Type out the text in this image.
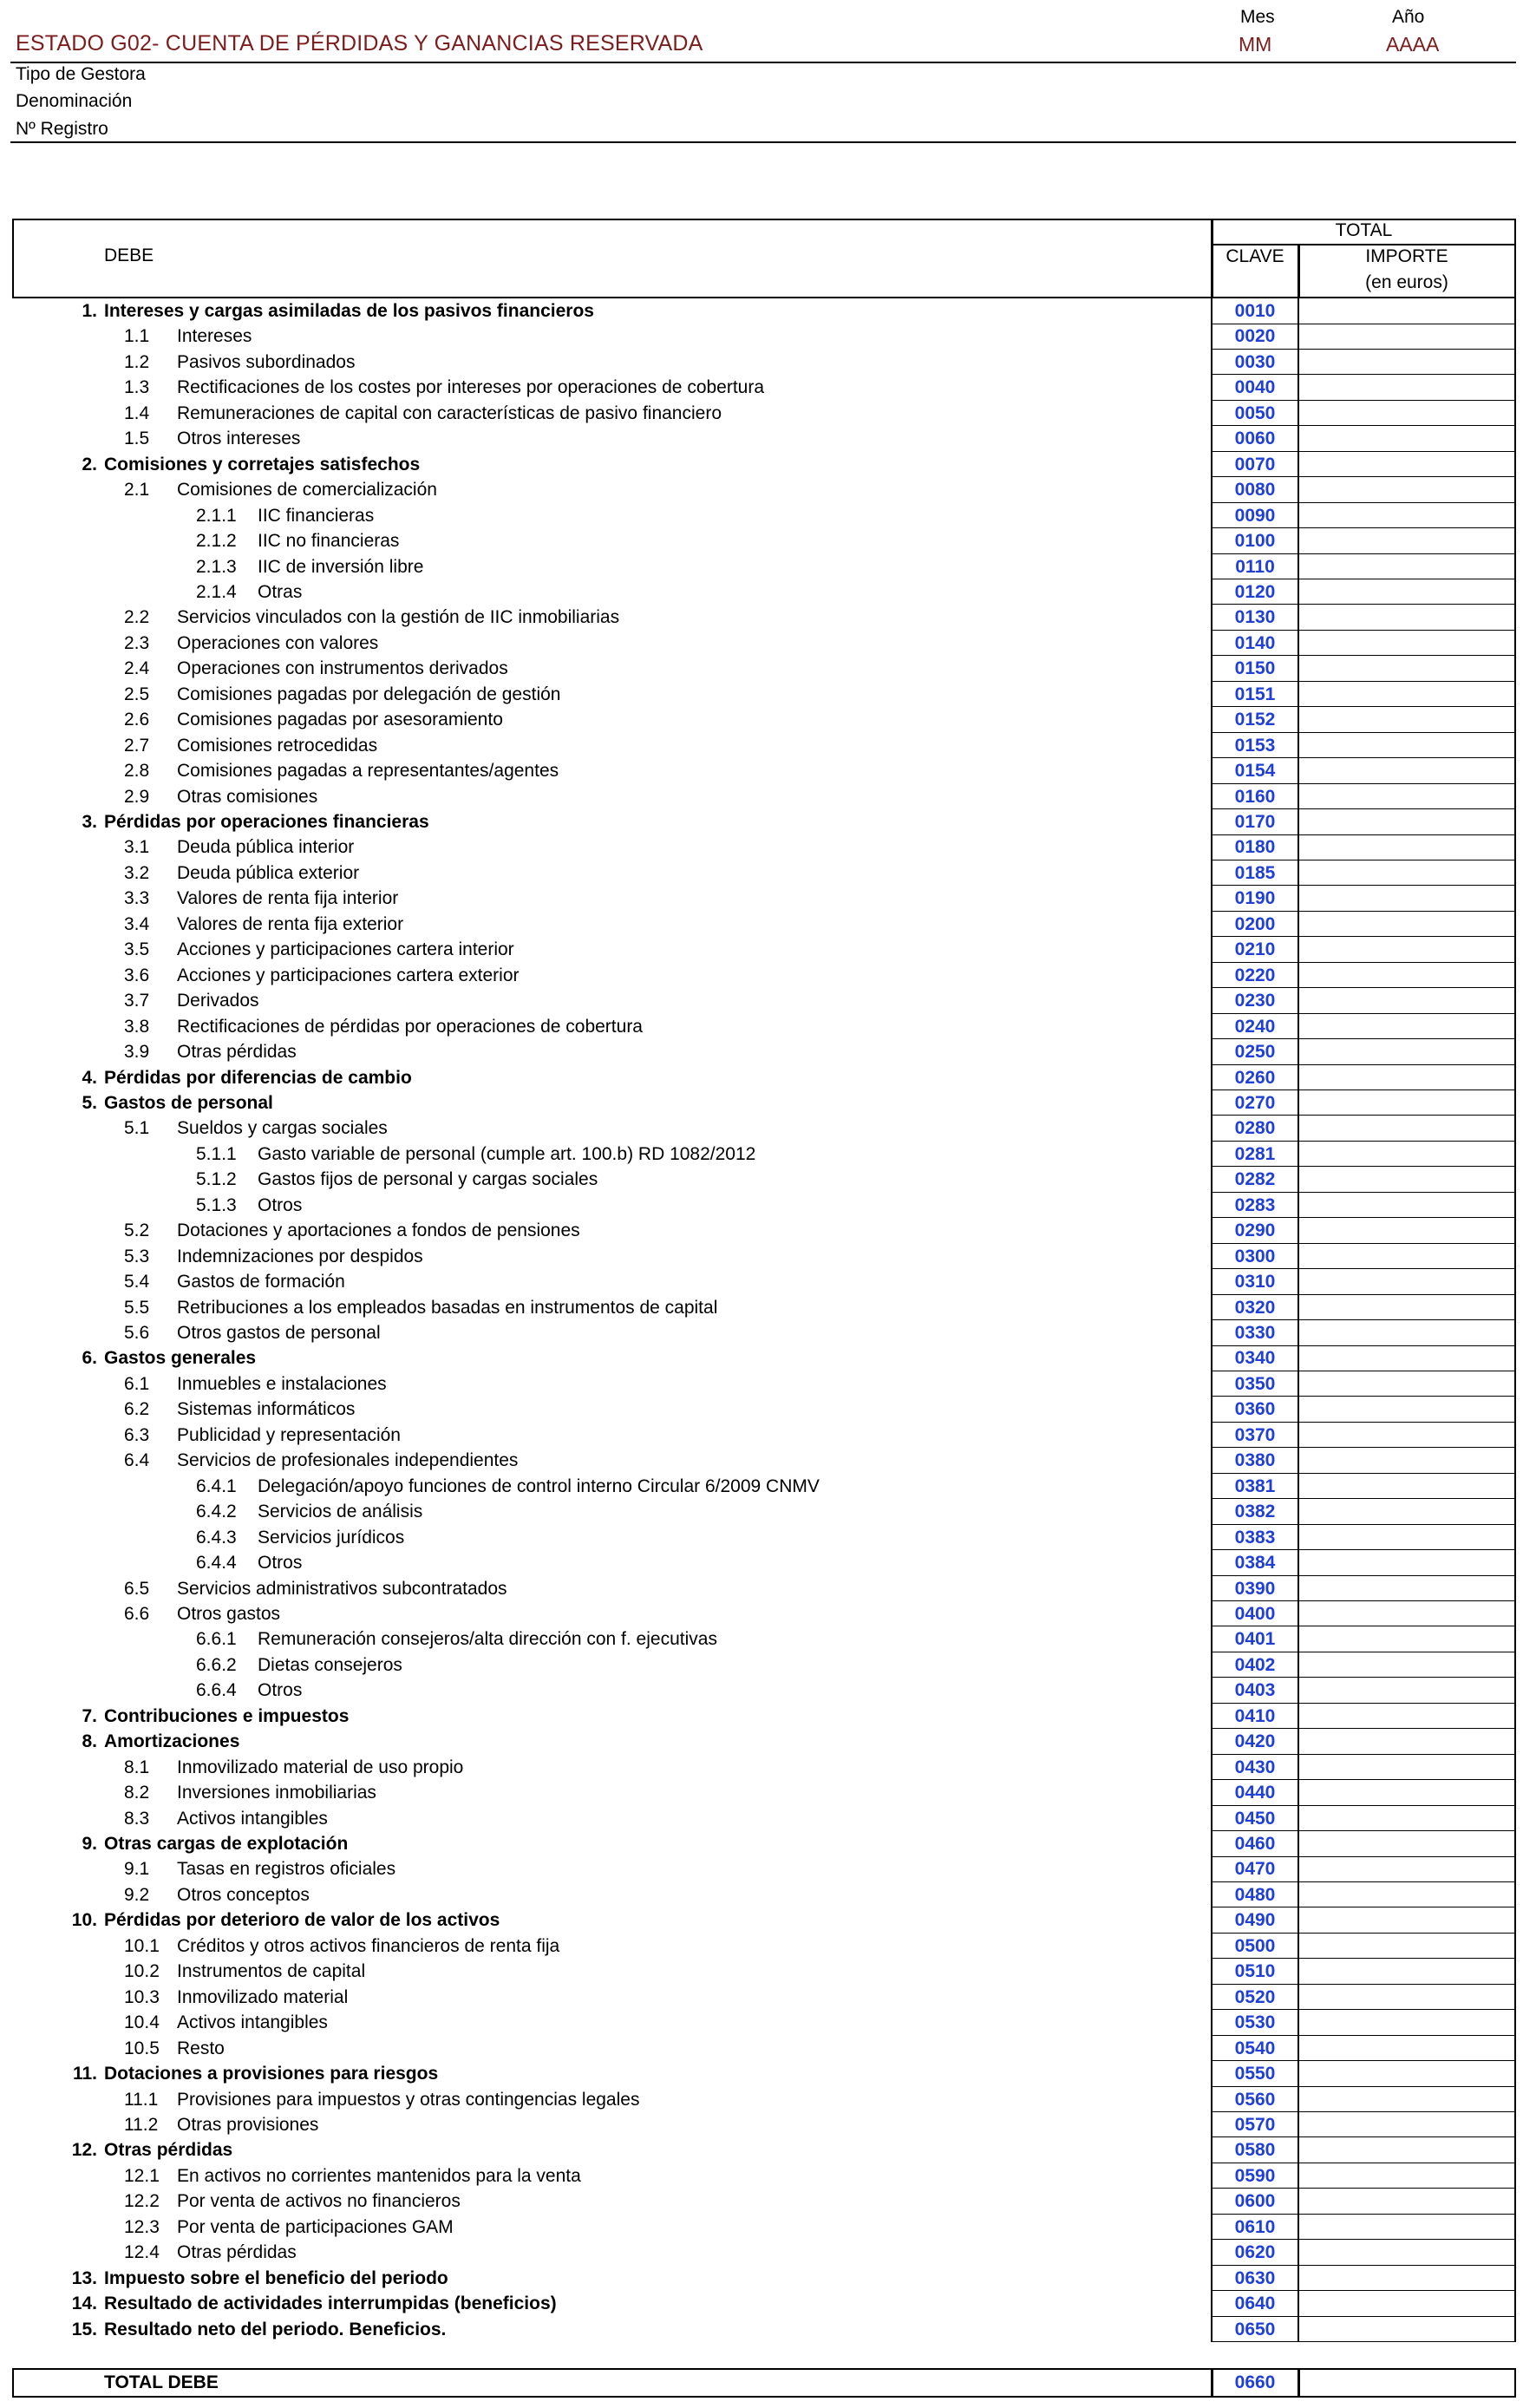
Mes	Año
ESTADO G02- CUENTA DE PÉRDIDAS Y GANANCIAS RESERVADA	MM	AAAA
Tipo de Gestora
Denominación
Nº Registro
DEBE
TOTAL
CLAVE	IMPORTE
(en euros)
1. Intereses y cargas asimiladas de los pasivos financieros	0010
1.1 Intereses	0020
1.2 Pasivos subordinados	0030
1.3 Rectificaciones de los costes por intereses por operaciones de cobertura	0040
1.4 Remuneraciones de capital con características de pasivo financiero	0050
1.5 Otros intereses	0060
2. Comisiones y corretajes satisfechos	0070
2.1 Comisiones de comercialización	0080
2.1.1 IIC financieras	0090
2.1.2 IIC no financieras	0100
2.1.3 IIC de inversión libre	0110
2.1.4 Otras	0120
2.2 Servicios vinculados con la gestión de IIC inmobiliarias	0130
2.3 Operaciones con valores	0140
2.4 Operaciones con instrumentos derivados	0150
2.5 Comisiones pagadas por delegación de gestión	0151
2.6 Comisiones pagadas por asesoramiento	0152
2.7 Comisiones retrocedidas	0153
2.8 Comisiones pagadas a representantes/agentes	0154
2.9 Otras comisiones	0160
3. Pérdidas por operaciones financieras	0170
3.1 Deuda pública interior	0180
3.2 Deuda pública exterior	0185
3.3 Valores de renta fija interior	0190
3.4 Valores de renta fija exterior	0200
3.5 Acciones y participaciones cartera interior	0210
3.6 Acciones y participaciones cartera exterior	0220
3.7 Derivados	0230
3.8 Rectificaciones de pérdidas por operaciones de cobertura	0240
3.9 Otras pérdidas	0250
4. Pérdidas por diferencias de cambio	0260
5. Gastos de personal	0270
5.1 Sueldos y cargas sociales	0280
5.1.1 Gasto variable de personal (cumple art. 100.b) RD 1082/2012	0281
5.1.2 Gastos fijos de personal y cargas sociales	0282
5.1.3 Otros	0283
5.2 Dotaciones y aportaciones a fondos de pensiones	0290
5.3 Indemnizaciones por despidos	0300
5.4 Gastos de formación	0310
5.5 Retribuciones a los empleados basadas en instrumentos de capital	0320
5.6 Otros gastos de personal	0330
6. Gastos generales	0340
6.1 Inmuebles e instalaciones	0350
6.2 Sistemas informáticos	0360
6.3 Publicidad y representación	0370
6.4 Servicios de profesionales independientes	0380
6.4.1 Delegación/apoyo funciones de control interno Circular 6/2009 CNMV	0381
6.4.2 Servicios de análisis	0382
6.4.3 Servicios jurídicos	0383
6.4.4 Otros	0384
6.5 Servicios administrativos subcontratados	0390
6.6 Otros gastos	0400
6.6.1 Remuneración consejeros/alta dirección con f. ejecutivas	0401
6.6.2 Dietas consejeros	0402
6.6.4 Otros	0403
7. Contribuciones e impuestos	0410
8. Amortizaciones	0420
8.1 Inmovilizado material de uso propio	0430
8.2 Inversiones inmobiliarias	0440
8.3 Activos intangibles	0450
9. Otras cargas de explotación	0460
9.1 Tasas en registros oficiales	0470
9.2 Otros conceptos	0480
10. Pérdidas por deterioro de valor de los activos	0490
10.1 Créditos y otros activos financieros de renta fija	0500
10.2 Instrumentos de capital	0510
10.3 Inmovilizado material	0520
10.4 Activos intangibles	0530
10.5 Resto	0540
11. Dotaciones a provisiones para riesgos	0550
11.1 Provisiones para impuestos y otras contingencias legales	0560
11.2 Otras provisiones	0570
12. Otras pérdidas	0580
12.1 En activos no corrientes mantenidos para la venta	0590
12.2 Por venta de activos no financieros	0600
12.3 Por venta de participaciones GAM	0610
12.4 Otras pérdidas	0620
13. Impuesto sobre el beneficio del periodo	0630
14. Resultado de actividades interrumpidas (beneficios)	0640
15. Resultado neto del periodo. Beneficios.	0650
TOTAL DEBE	0660
